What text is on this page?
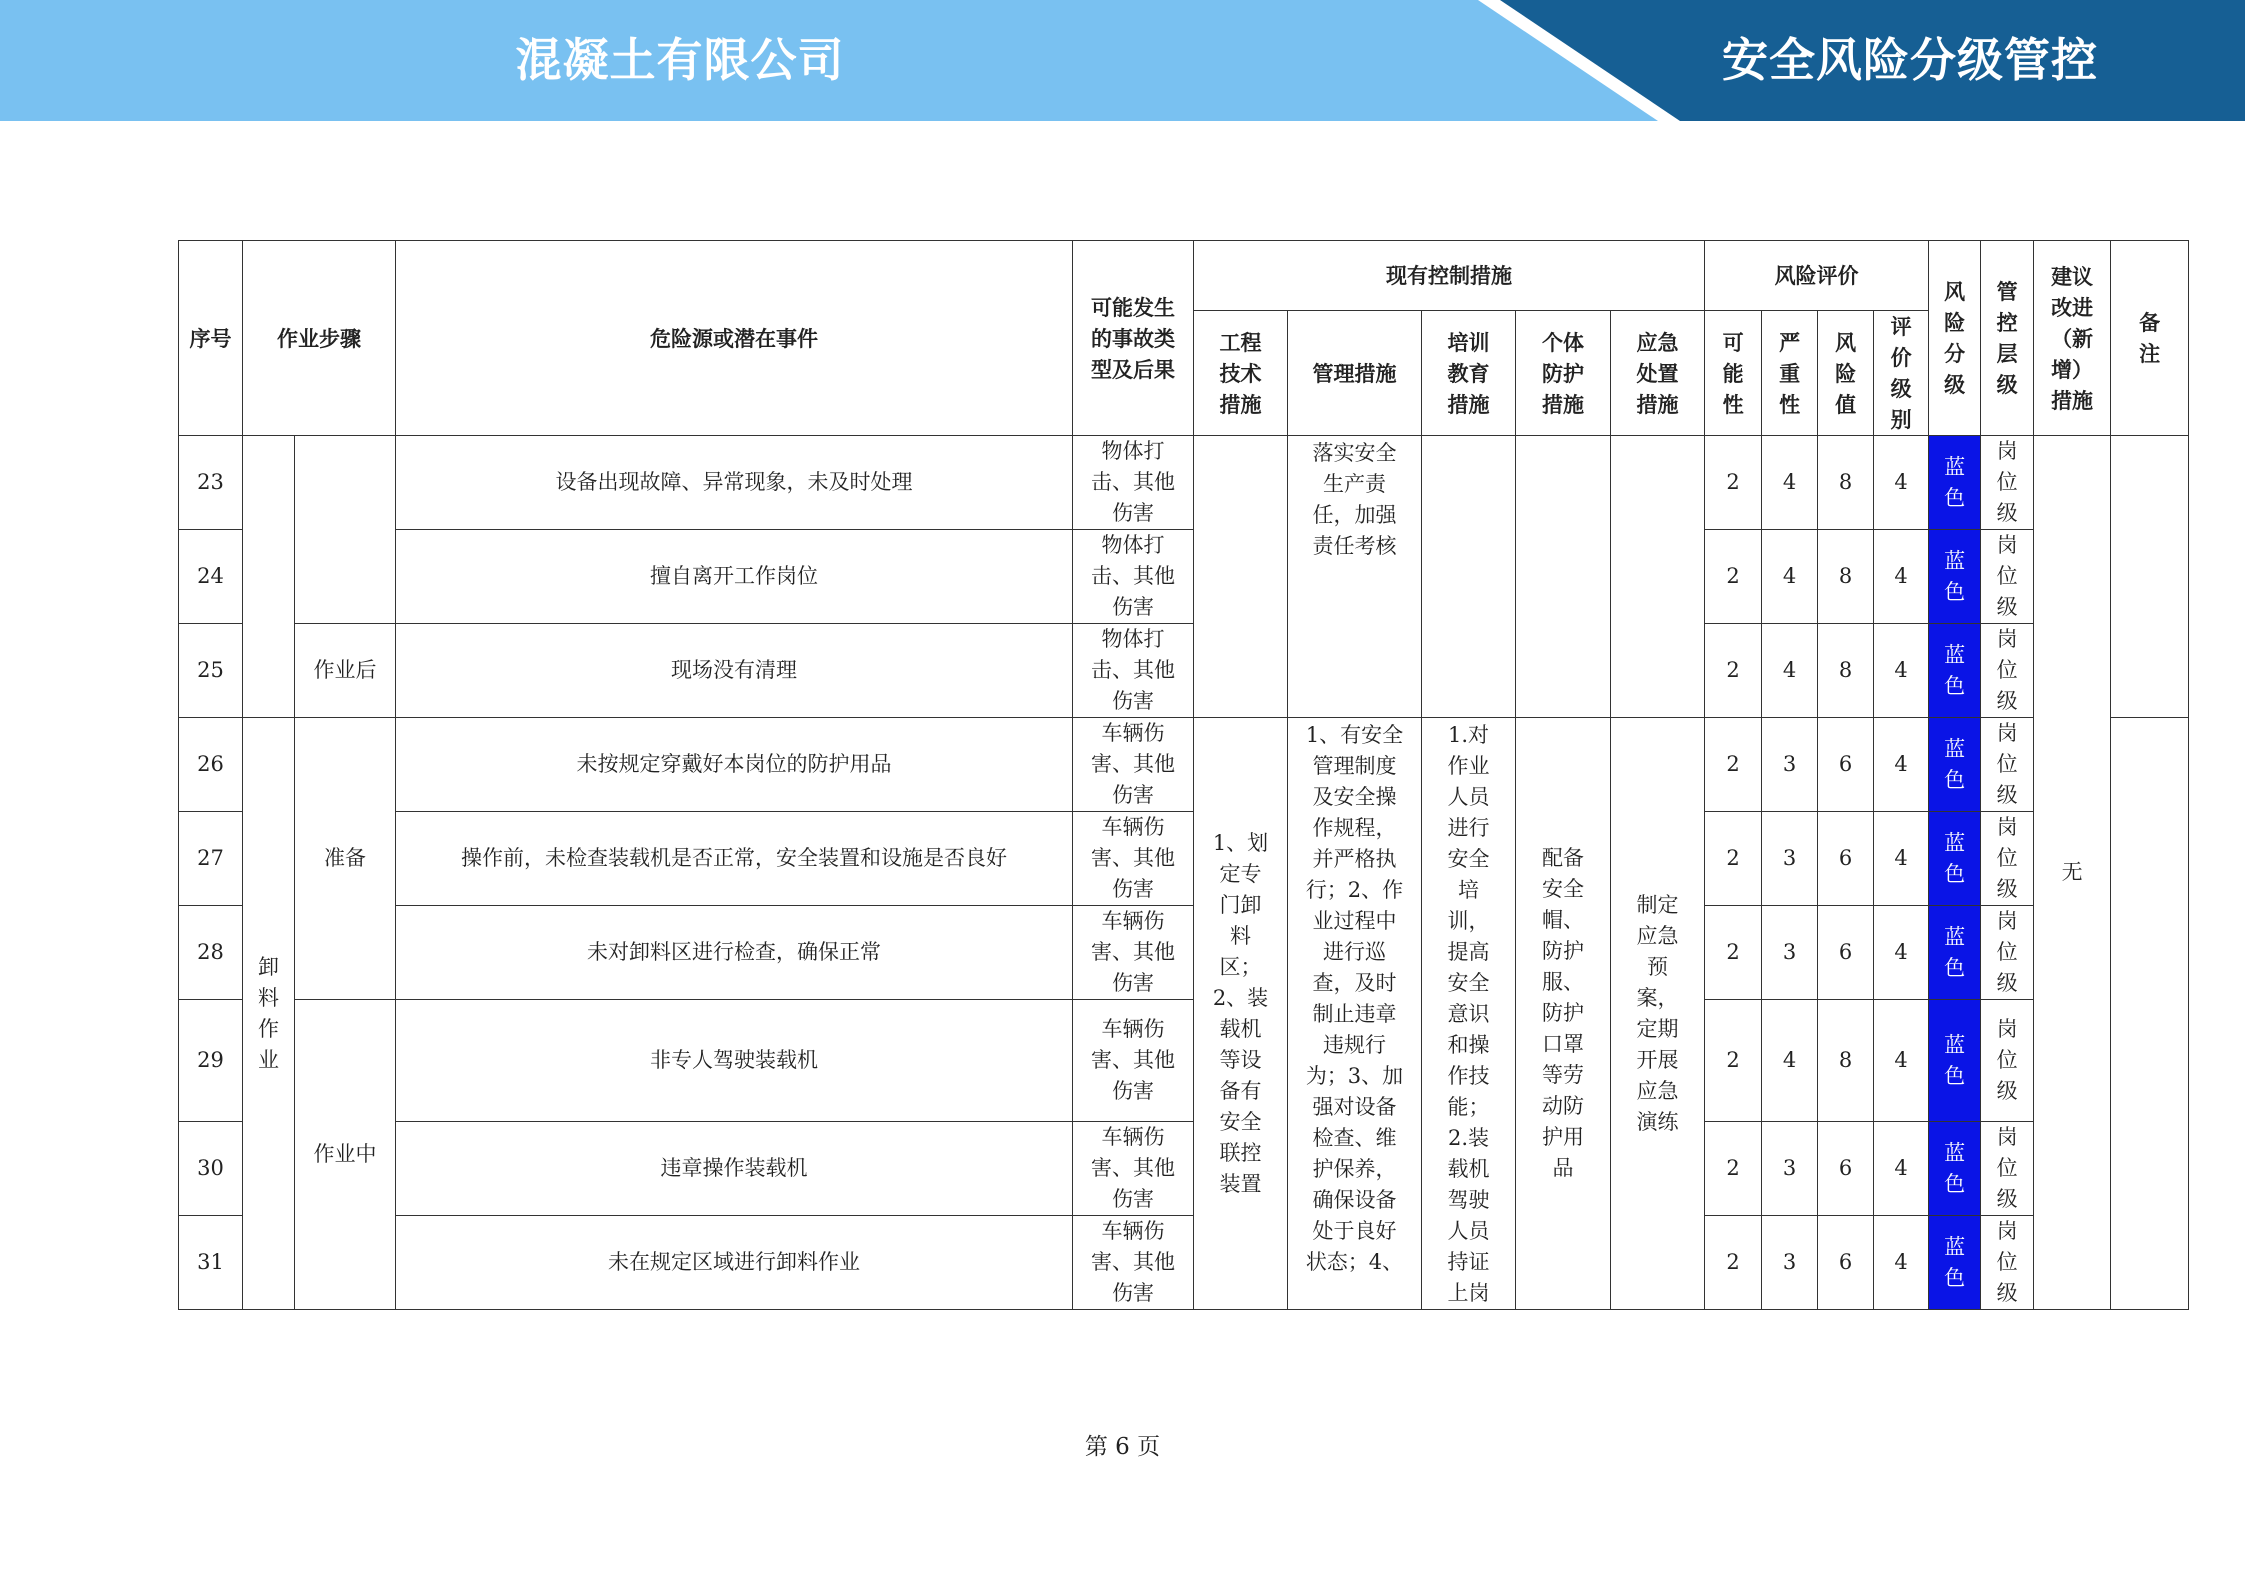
混凝土有限公司	安全风险分级管控
序号	作业步骤		危险源或潜在事件	可能发生的事故类型及后果	现有控制措施					风险评价				风险分级	管控层级	建议改进（新增）措施	备注
					工程技术措施	管理措施	培训教育措施	个体防护措施	应急处置措施	可能性	严重性	风险值	评价级别				
23			设备出现故障、异常现象，未及时处理	物体打击、其他伤害		落实安全生产责任，加强责任考核				2	4	8	4	蓝色	岗位级	无	
24			擅自离开工作岗位	物体打击、其他伤害						2	4	8	4	蓝色	岗位级		
25		作业后	现场没有清理	物体打击、其他伤害						2	4	8	4	蓝色	岗位级		
26	卸料作业	准备	未按规定穿戴好本岗位的防护用品	车辆伤害、其他伤害	1、划定专门卸料区；2、装载机等设备有安全联控装置	1、有安全管理制度及安全操作规程，并严格执行；2、作业过程中进行巡查，及时制止违章违规行为；3、加强对设备检查、维护保养，确保设备处于良好状态；4、	1.对作业人员进行安全培训，提高安全意识和操作技能；2.装载机驾驶人员持证上岗	配备安全帽、防护服、防护口罩等劳动防护用品	制定应急预案，定期开展应急演练	2	3	6	4	蓝色	岗位级		
27			操作前，未检查装载机是否正常，安全装置和设施是否良好	车辆伤害、其他伤害						2	3	6	4	蓝色	岗位级		
28			未对卸料区进行检查，确保正常	车辆伤害、其他伤害						2	3	6	4	蓝色	岗位级		
29		作业中	非专人驾驶装载机	车辆伤害、其他伤害						2	4	8	4	蓝色	岗位级		
30			违章操作装载机	车辆伤害、其他伤害						2	3	6	4	蓝色	岗位级		
31			未在规定区域进行卸料作业	车辆伤害、其他伤害						2	3	6	4	蓝色	岗位级		
第 6 页
